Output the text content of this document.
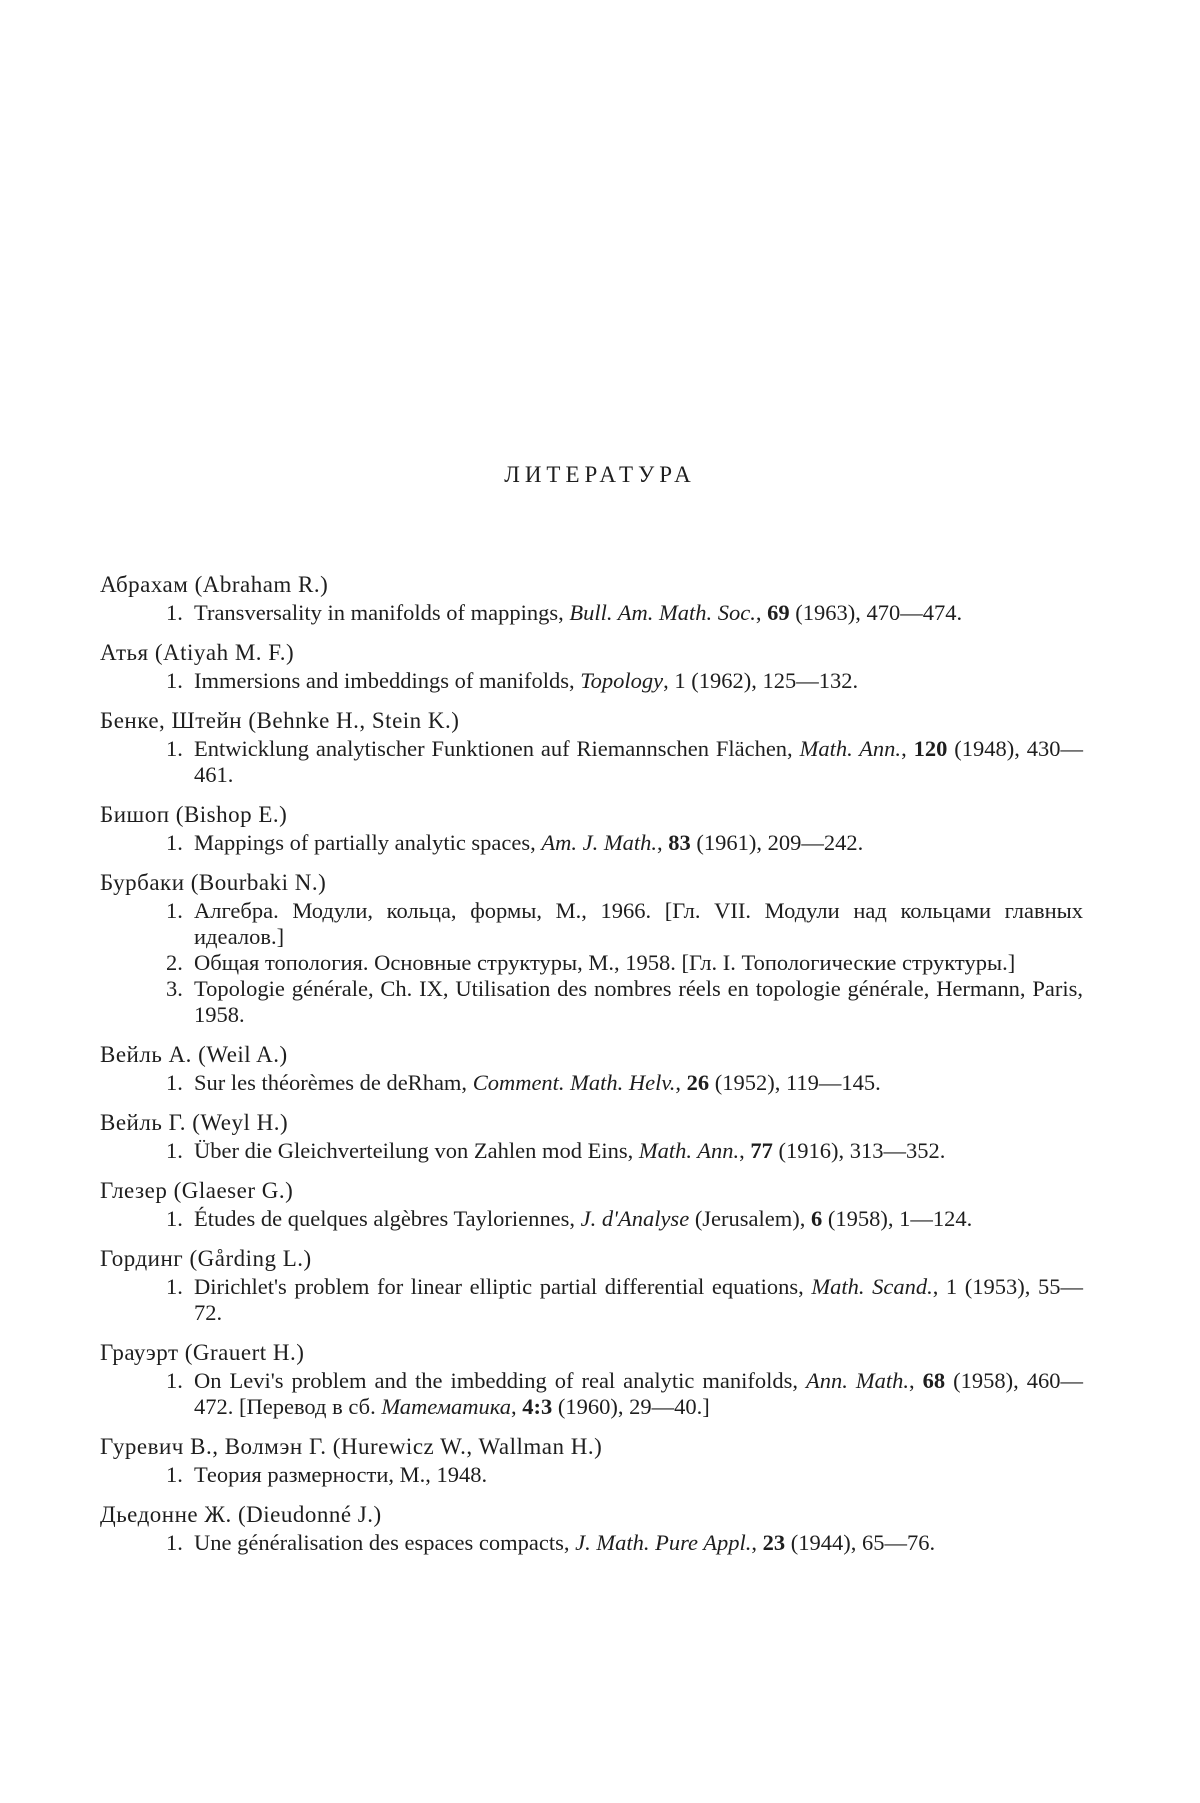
ЛИТЕРАТУРА
Абрахам (Abraham R.)
1. Transversality in manifolds of mappings, Bull. Am. Math. Soc., 69 (1963), 470—474.
Атья (Atiyah M. F.)
1. Immersions and imbeddings of manifolds, Topology, 1 (1962), 125—132.
Бенке, Штейн (Behnke H., Stein K.)
1. Entwicklung analytischer Funktionen auf Riemannschen Flächen, Math. Ann., 120 (1948), 430—461.
Бишоп (Bishop E.)
1. Mappings of partially analytic spaces, Am. J. Math., 83 (1961), 209—242.
Бурбаки (Bourbaki N.)
1. Алгебра. Модули, кольца, формы, М., 1966. [Гл. VII. Модули над кольцами главных идеалов.]
2. Общая топология. Основные структуры, М., 1958. [Гл. I. Топологические структуры.]
3. Topologie générale, Ch. IX, Utilisation des nombres réels en topologie générale, Hermann, Paris, 1958.
Вейль А. (Weil A.)
1. Sur les théorèmes de deRham, Comment. Math. Helv., 26 (1952), 119—145.
Вейль Г. (Weyl H.)
1. Über die Gleichverteilung von Zahlen mod Eins, Math. Ann., 77 (1916), 313—352.
Глезер (Glaeser G.)
1. Études de quelques algèbres Tayloriennes, J. d'Analyse (Jerusalem), 6 (1958), 1—124.
Гординг (Gårding L.)
1. Dirichlet's problem for linear elliptic partial differential equations, Math. Scand., 1 (1953), 55—72.
Грауэрт (Grauert H.)
1. On Levi's problem and the imbedding of real analytic manifolds, Ann. Math., 68 (1958), 460—472. [Перевод в сб. Математика, 4:3 (1960), 29—40.]
Гуревич В., Волмэн Г. (Hurewicz W., Wallman H.)
1. Теория размерности, М., 1948.
Дьедонне Ж. (Dieudonné J.)
1. Une généralisation des espaces compacts, J. Math. Pure Appl., 23 (1944), 65—76.
